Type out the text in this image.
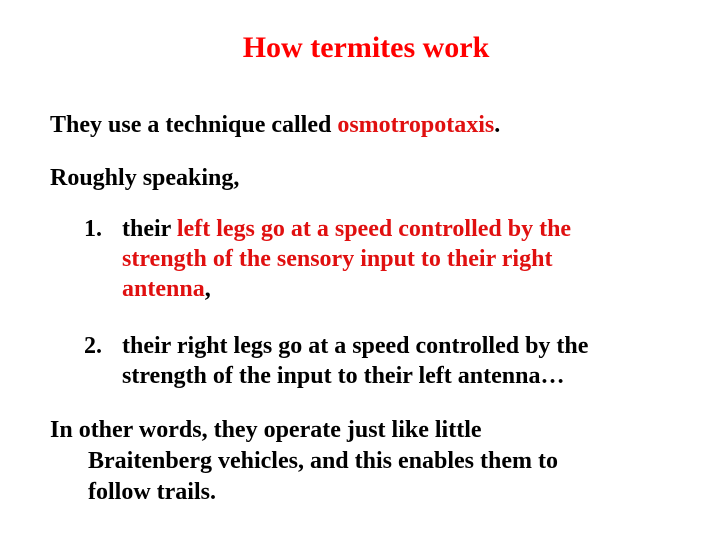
How termites work

They use a technique called osmotropotaxis.

Roughly speaking,

1. their left legs go at a speed controlled by the
strength of the sensory input to their right
antenna,
2. their right legs go at a speed controlled by the
strength of the input to their left antenna…
In other words, they operate just like little
Braitenberg vehicles, and this enables them to
follow trails.
